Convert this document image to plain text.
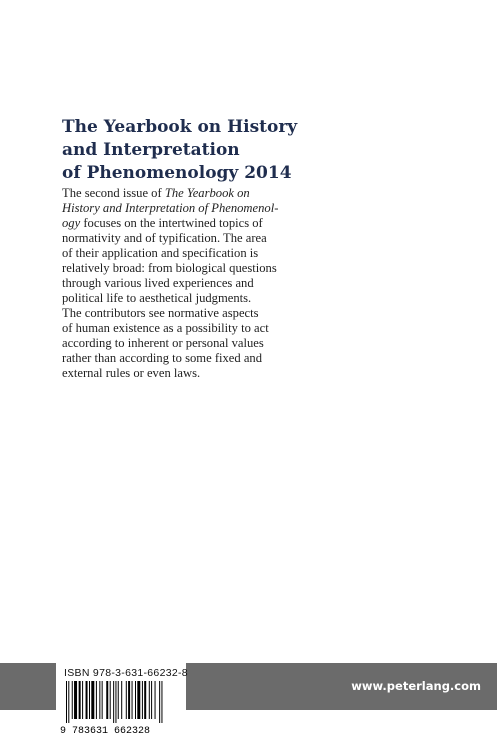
The Yearbook on History
and Interpretation
of Phenomenology 2014
The second issue of The Yearbook on
History and Interpretation of Phenomenol-
ogy focuses on the intertwined topics of
normativity and of typification. The area
of their application and specification is
relatively broad: from biological questions
through various lived experiences and
political life to aesthetical judgments.
The contributors see normative aspects
of human existence as a possibility to act
according to inherent or personal values
rather than according to some fixed and
external rules or even laws.
www.peterlang.com
ISBN 978-3-631-66232-8
9 783631 662328
